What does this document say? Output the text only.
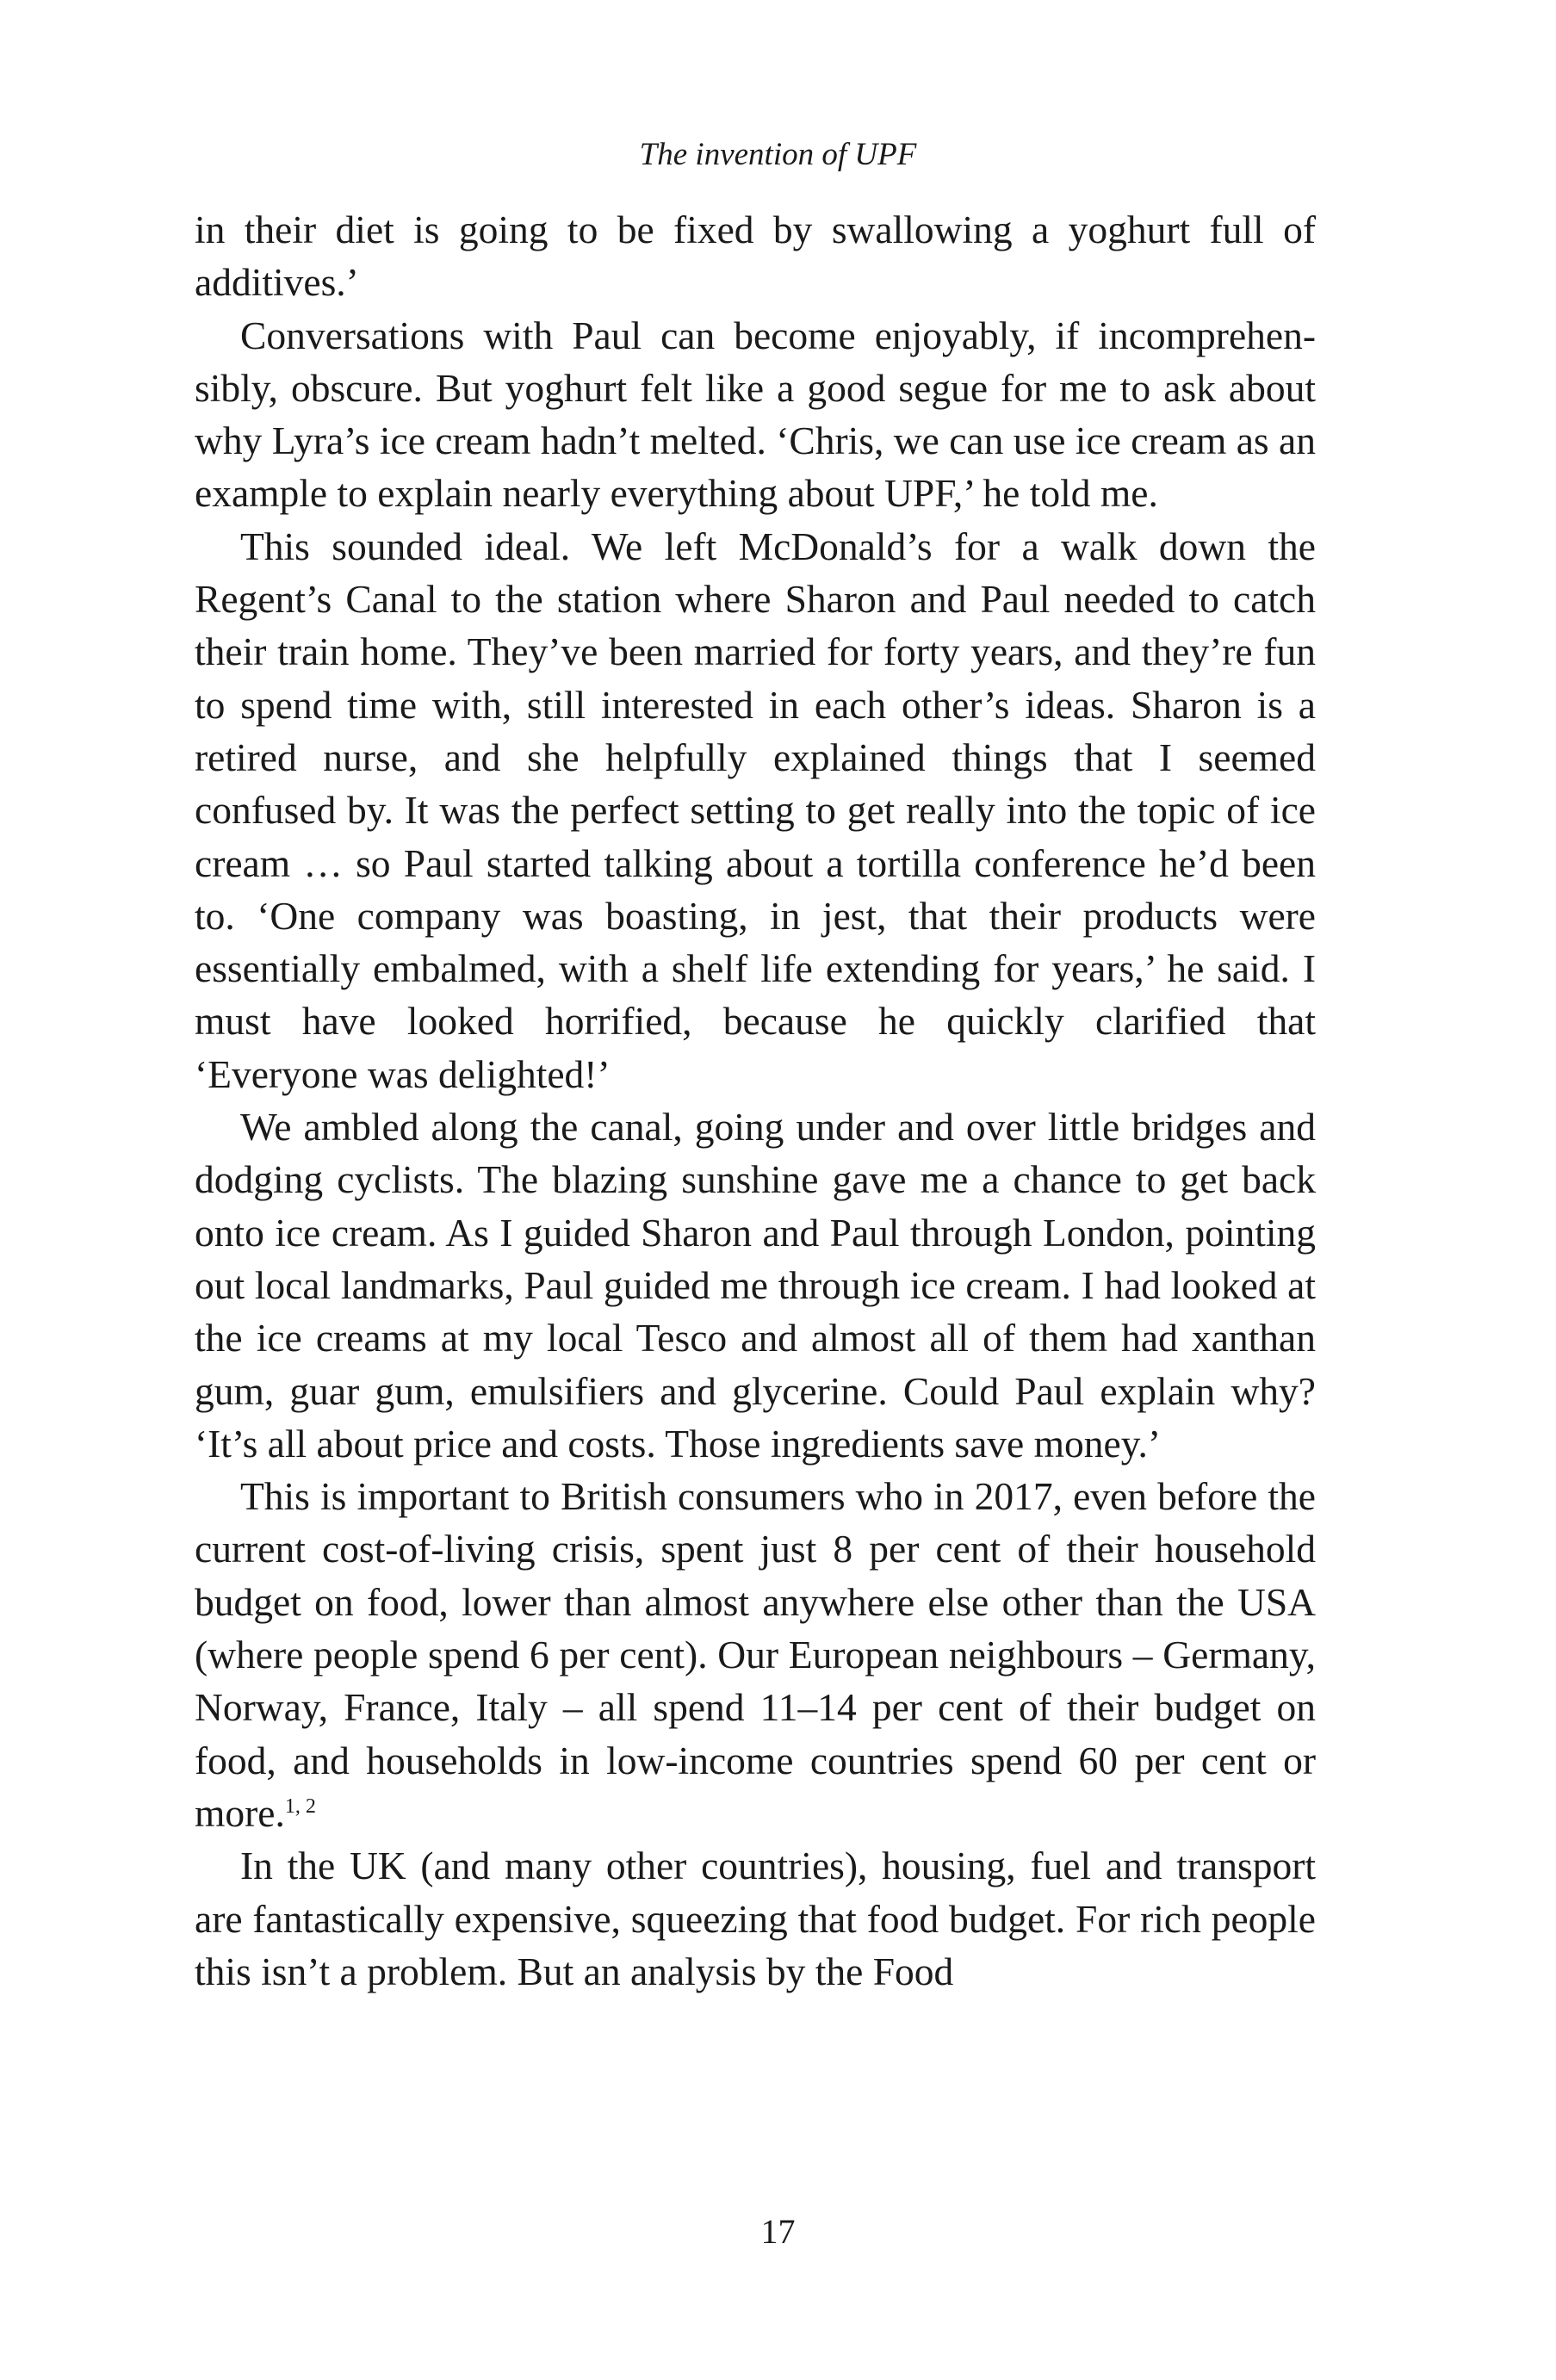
The invention of UPF

in their diet is going to be fixed by swallowing a yoghurt full of additives.’

Conversations with Paul can become enjoyably, if incomprehensibly, obscure. But yoghurt felt like a good segue for me to ask about why Lyra’s ice cream hadn’t melted. ‘Chris, we can use ice cream as an example to explain nearly everything about UPF,’ he told me.

This sounded ideal. We left McDonald’s for a walk down the Regent’s Canal to the station where Sharon and Paul needed to catch their train home. They’ve been married for forty years, and they’re fun to spend time with, still interested in each other’s ideas. Sharon is a retired nurse, and she helpfully explained things that I seemed confused by. It was the perfect setting to get really into the topic of ice cream … so Paul started talking about a tortilla conference he’d been to. ‘One company was boasting, in jest, that their products were essentially embalmed, with a shelf life extending for years,’ he said. I must have looked horrified, because he quickly clarified that ‘Everyone was delighted!’

We ambled along the canal, going under and over little bridges and dodging cyclists. The blazing sunshine gave me a chance to get back onto ice cream. As I guided Sharon and Paul through London, pointing out local landmarks, Paul guided me through ice cream. I had looked at the ice creams at my local Tesco and almost all of them had xanthan gum, guar gum, emulsifiers and glycerine. Could Paul explain why? ‘It’s all about price and costs. Those ingredients save money.’

This is important to British consumers who in 2017, even before the current cost-of-living crisis, spent just 8 per cent of their household budget on food, lower than almost anywhere else other than the USA (where people spend 6 per cent). Our European neighbours – Germany, Norway, France, Italy – all spend 11–14 per cent of their budget on food, and households in low-income countries spend 60 per cent or more.$^{1, 2}$

In the UK (and many other countries), housing, fuel and transport are fantastically expensive, squeezing that food budget. For rich people this isn’t a problem. But an analysis by the Food

17
